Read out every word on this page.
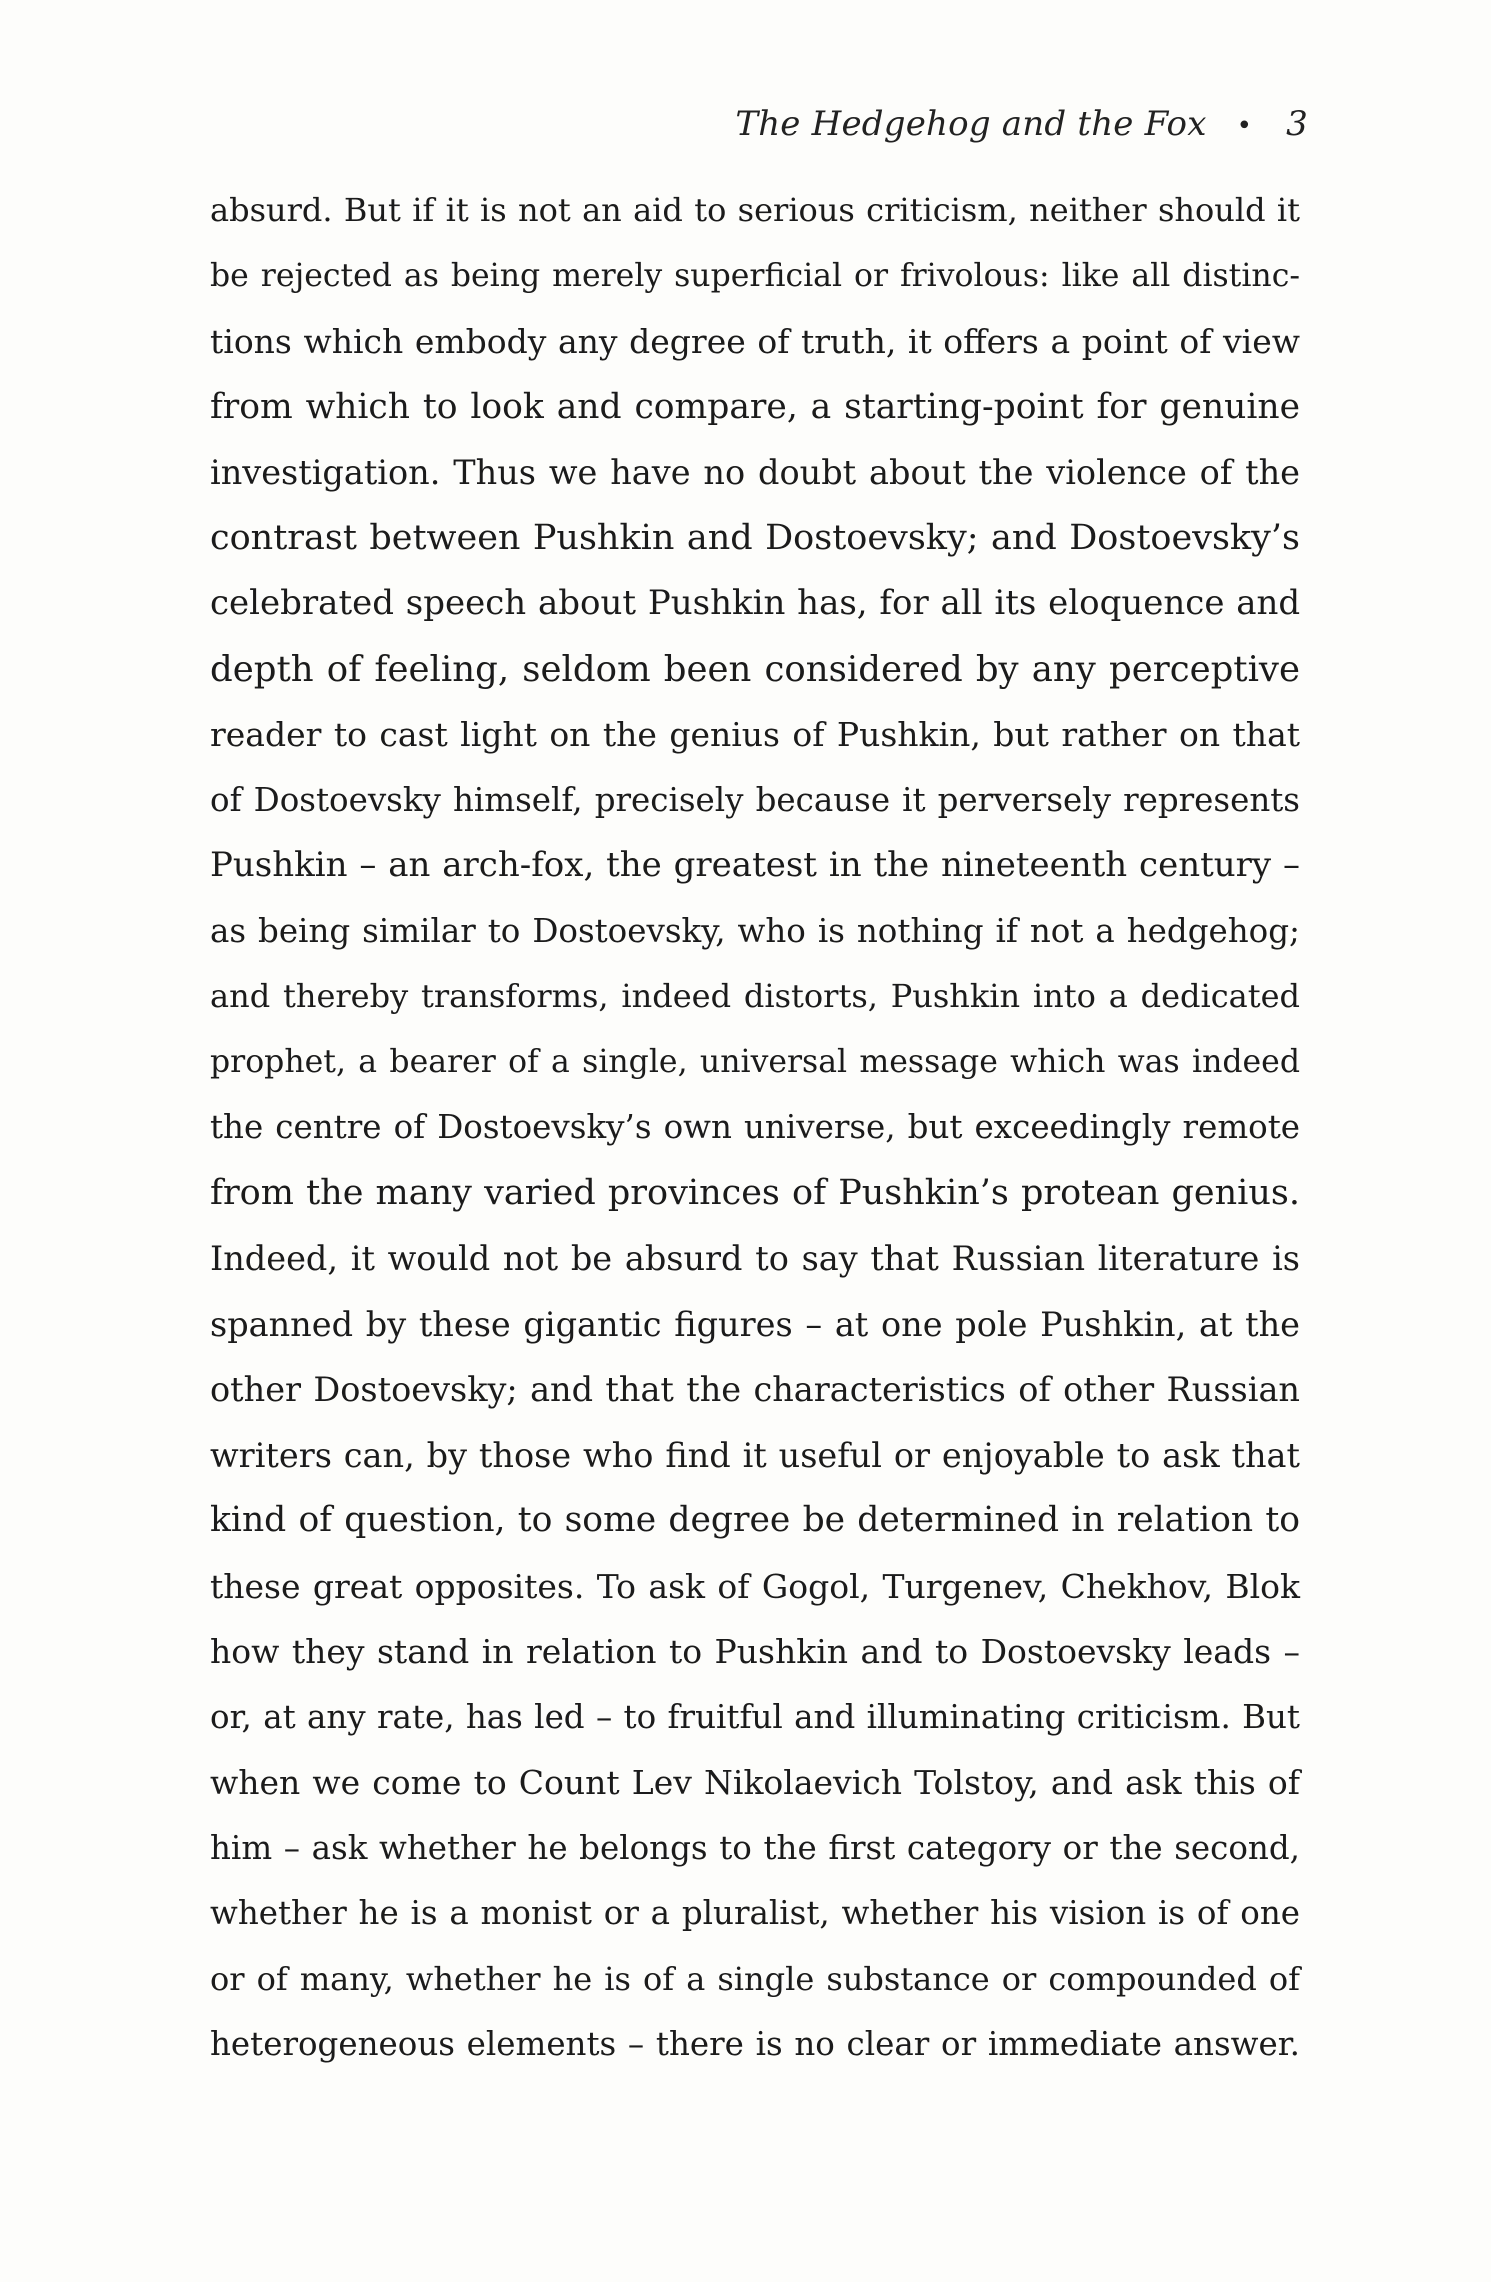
The Hedgehog and the Fox • 3
absurd. But if it is not an aid to serious criticism, neither should it
be rejected as being merely superficial or frivolous: like all distinc-
tions which embody any degree of truth, it offers a point of view
from which to look and compare, a starting-point for genuine
investigation. Thus we have no doubt about the violence of the
contrast between Pushkin and Dostoevsky; and Dostoevsky’s
celebrated speech about Pushkin has, for all its eloquence and
depth of feeling, seldom been considered by any perceptive
reader to cast light on the genius of Pushkin, but rather on that
of Dostoevsky himself, precisely because it perversely represents
Pushkin – an arch-fox, the greatest in the nineteenth century –
as being similar to Dostoevsky, who is nothing if not a hedgehog;
and thereby transforms, indeed distorts, Pushkin into a dedicated
prophet, a bearer of a single, universal message which was indeed
the centre of Dostoevsky’s own universe, but exceedingly remote
from the many varied provinces of Pushkin’s protean genius.
Indeed, it would not be absurd to say that Russian literature is
spanned by these gigantic figures – at one pole Pushkin, at the
other Dostoevsky; and that the characteristics of other Russian
writers can, by those who find it useful or enjoyable to ask that
kind of question, to some degree be determined in relation to
these great opposites. To ask of Gogol, Turgenev, Chekhov, Blok
how they stand in relation to Pushkin and to Dostoevsky leads –
or, at any rate, has led – to fruitful and illuminating criticism. But
when we come to Count Lev Nikolaevich Tolstoy, and ask this of
him – ask whether he belongs to the first category or the second,
whether he is a monist or a pluralist, whether his vision is of one
or of many, whether he is of a single substance or compounded of
heterogeneous elements – there is no clear or immediate answer.
